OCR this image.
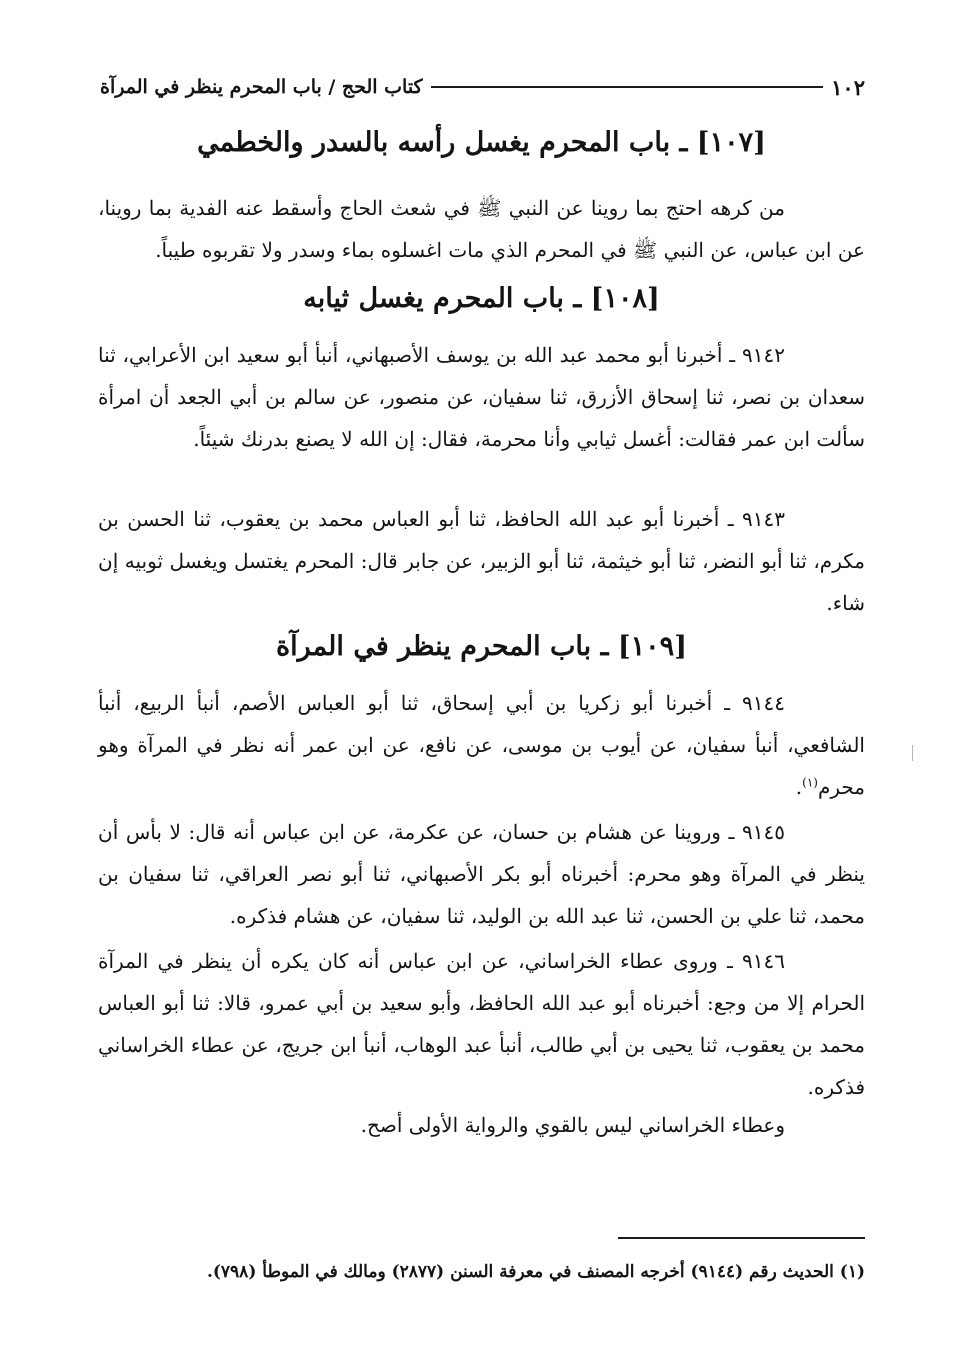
١٠٢
كتاب الحج / باب المحرم ينظر في المرآة
[١٠٧] ـ باب المحرم يغسل رأسه بالسدر والخطمي

من كرهه احتج بما روينا عن النبي ﷺ في شعث الحاج وأسقط عنه الفدية بما روينا، عن ابن عباس، عن النبي ﷺ في المحرم الذي مات اغسلوه بماء وسدر ولا تقربوه طيباً.

[١٠٨] ـ باب المحرم يغسل ثيابه

٩١٤٢ ـ أخبرنا أبو محمد عبد الله بن يوسف الأصبهاني، أنبأ أبو سعيد ابن الأعرابي، ثنا سعدان بن نصر، ثنا إسحاق الأزرق، ثنا سفيان، عن منصور، عن سالم بن أبي الجعد أن امرأة سألت ابن عمر فقالت: أغسل ثيابي وأنا محرمة، فقال: إن الله لا يصنع بدرنك شيئاً.

٩١٤٣ ـ أخبرنا أبو عبد الله الحافظ، ثنا أبو العباس محمد بن يعقوب، ثنا الحسن بن مكرم، ثنا أبو النضر، ثنا أبو خيثمة، ثنا أبو الزبير، عن جابر قال: المحرم يغتسل ويغسل ثوبيه إن شاء.

[١٠٩] ـ باب المحرم ينظر في المرآة

٩١٤٤ ـ أخبرنا أبو زكريا بن أبي إسحاق، ثنا أبو العباس الأصم، أنبأ الربيع، أنبأ الشافعي، أنبأ سفيان، عن أيوب بن موسى، عن نافع، عن ابن عمر أنه نظر في المرآة وهو محرم$^{(١)}$.

٩١٤٥ ـ وروينا عن هشام بن حسان، عن عكرمة، عن ابن عباس أنه قال: لا بأس أن ينظر في المرآة وهو محرم: أخبرناه أبو بكر الأصبهاني، ثنا أبو نصر العراقي، ثنا سفيان بن محمد، ثنا علي بن الحسن، ثنا عبد الله بن الوليد، ثنا سفيان، عن هشام فذكره.

٩١٤٦ ـ وروى عطاء الخراساني، عن ابن عباس أنه كان يكره أن ينظر في المرآة الحرام إلا من وجع: أخبرناه أبو عبد الله الحافظ، وأبو سعيد بن أبي عمرو، قالا: ثنا أبو العباس محمد بن يعقوب، ثنا يحيى بن أبي طالب، أنبأ عبد الوهاب، أنبأ ابن جريج، عن عطاء الخراساني فذكره.

وعطاء الخراساني ليس بالقوي والرواية الأولى أصح.

(١) الحديث رقم (٩١٤٤) أخرجه المصنف في معرفة السنن (٢٨٧٧) ومالك في الموطأ (٧٩٨).
